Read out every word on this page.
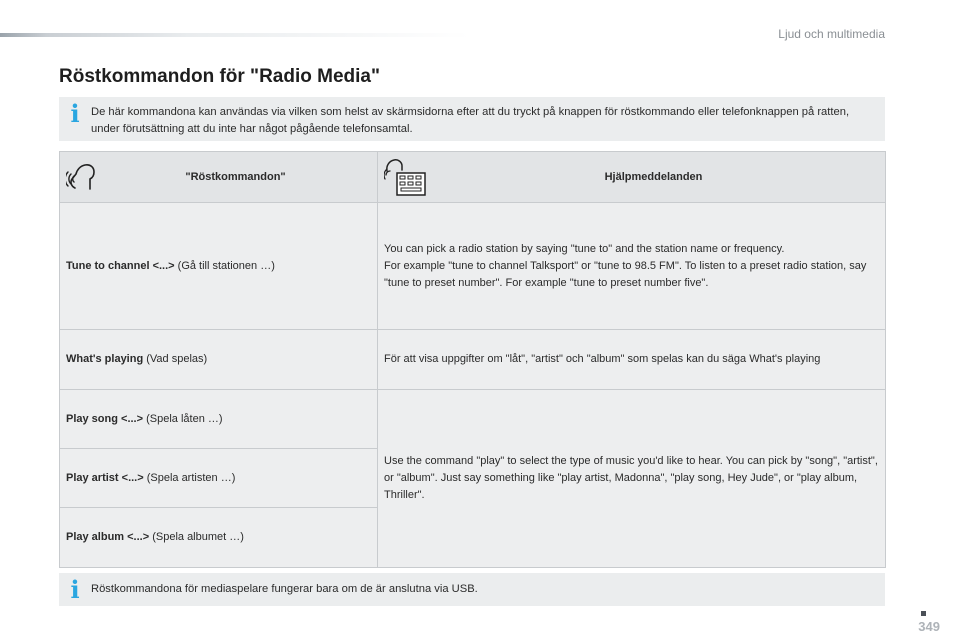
Ljud och multimedia
Röstkommandon för "Radio Media"
i	De här kommandona kan användas via vilken som helst av skärmsidorna efter att du tryckt på knappen för röstkommando eller telefonknappen på ratten, under förutsättning att du inte har något pågående telefonsamtal.
"Röstkommandon"	Hjälpmeddelanden

Tune to channel <...> (Gå till stationen …)	You can pick a radio station by saying "tune to" and the station name or frequency.
For example "tune to channel Talksport" or "tune to 98.5 FM". To listen to a preset radio station, say "tune to preset number". For example "tune to preset number five".
What's playing (Vad spelas)	För att visa uppgifter om "låt", "artist" och "album" som spelas kan du säga What's playing
Play song <...> (Spela låten …)	Use the command "play" to select the type of music you'd like to hear. You can pick by "song", "artist", or "album". Just say something like "play artist, Madonna", "play song, Hey Jude", or "play album, Thriller".
Play artist <...> (Spela artisten …)	
Play album <...> (Spela albumet …)	
i	Röstkommandona för mediaspelare fungerar bara om de är anslutna via USB.
349
